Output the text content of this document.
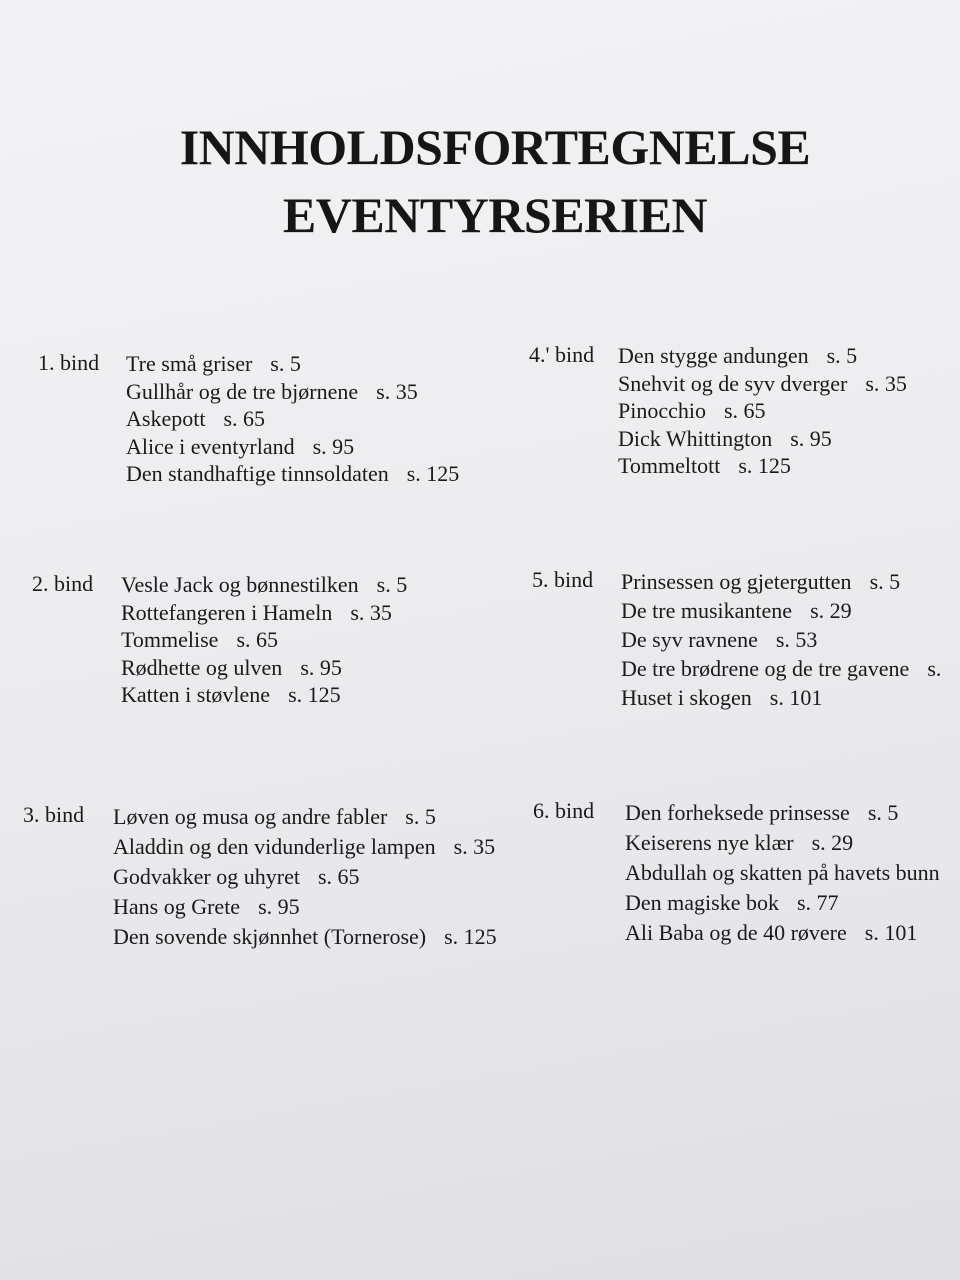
INNHOLDSFORTEGNELSE
EVENTYRSERIEN
1. bind Tre små griser s. 5
Gullhår og de tre bjørnene s. 35
Askepott s. 65
Alice i eventyrland s. 95
Den standhaftige tinnsoldaten s. 125
2. bind Vesle Jack og bønnestilken s. 5
Rottefangeren i Hameln s. 35
Tommelise s. 65
Rødhette og ulven s. 95
Katten i støvlene s. 125
3. bind Løven og musa og andre fabler s. 5
Aladdin og den vidunderlige lampen s. 35
Godvakker og uhyret s. 65
Hans og Grete s. 95
Den sovende skjønnhet (Tornerose) s. 125
4.' bind Den stygge andungen s. 5
Snehvit og de syv dverger s. 35
Pinocchio s. 65
Dick Whittington s. 95
Tommeltott s. 125
5. bind Prinsessen og gjetergutten s. 5
De tre musikantene s. 29
De syv ravnene s. 53
De tre brødrene og de tre gavene s.
Huset i skogen s. 101
6. bind Den forheksede prinsesse s. 5
Keiserens nye klær s. 29
Abdullah og skatten på havets bunn
Den magiske bok s. 77
Ali Baba og de 40 røvere s. 101
